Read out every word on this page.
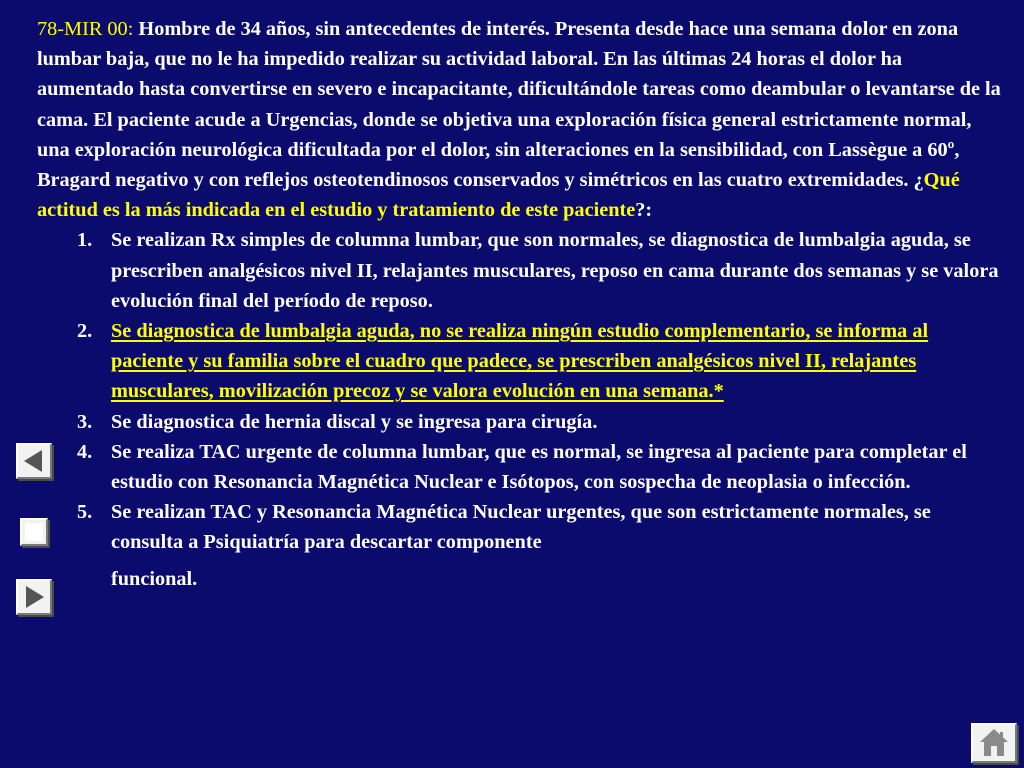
78-MIR 00: Hombre de 34 años, sin antecedentes de interés. Presenta desde hace una semana dolor en zona lumbar baja, que no le ha impedido realizar su actividad laboral. En las últimas 24 horas el dolor ha aumentado hasta convertirse en severo e incapacitante, dificultándole tareas como deambular o levantarse de la cama. El paciente acude a Urgencias, donde se objetiva una exploración física general estrictamente normal, una exploración neurológica dificultada por el dolor, sin alteraciones en la sensibilidad, con Lassègue a 60º, Bragard negativo y con reflejos osteotendinosos conservados y simétricos en las cuatro extremidades. ¿Qué actitud es la más indicada en el estudio y tratamiento de este paciente?:

1. Se realizan Rx simples de columna lumbar, que son normales, se diagnostica de lumbalgia aguda, se prescriben analgésicos nivel II, relajantes musculares, reposo en cama durante dos semanas y se valora evolución final del período de reposo.
2. Se diagnostica de lumbalgia aguda, no se realiza ningún estudio complementario, se informa al paciente y su familia sobre el cuadro que padece, se prescriben analgésicos nivel II, relajantes musculares, movilización precoz y se valora evolución en una semana.*
3. Se diagnostica de hernia discal y se ingresa para cirugía.
4. Se realiza TAC urgente de columna lumbar, que es normal, se ingresa al paciente para completar el estudio con Resonancia Magnética Nuclear e Isótopos, con sospecha de neoplasia o infección.
5. Se realizan TAC y Resonancia Magnética Nuclear urgentes, que son estrictamente normales, se consulta a Psiquiatría para descartar componente
funcional.
